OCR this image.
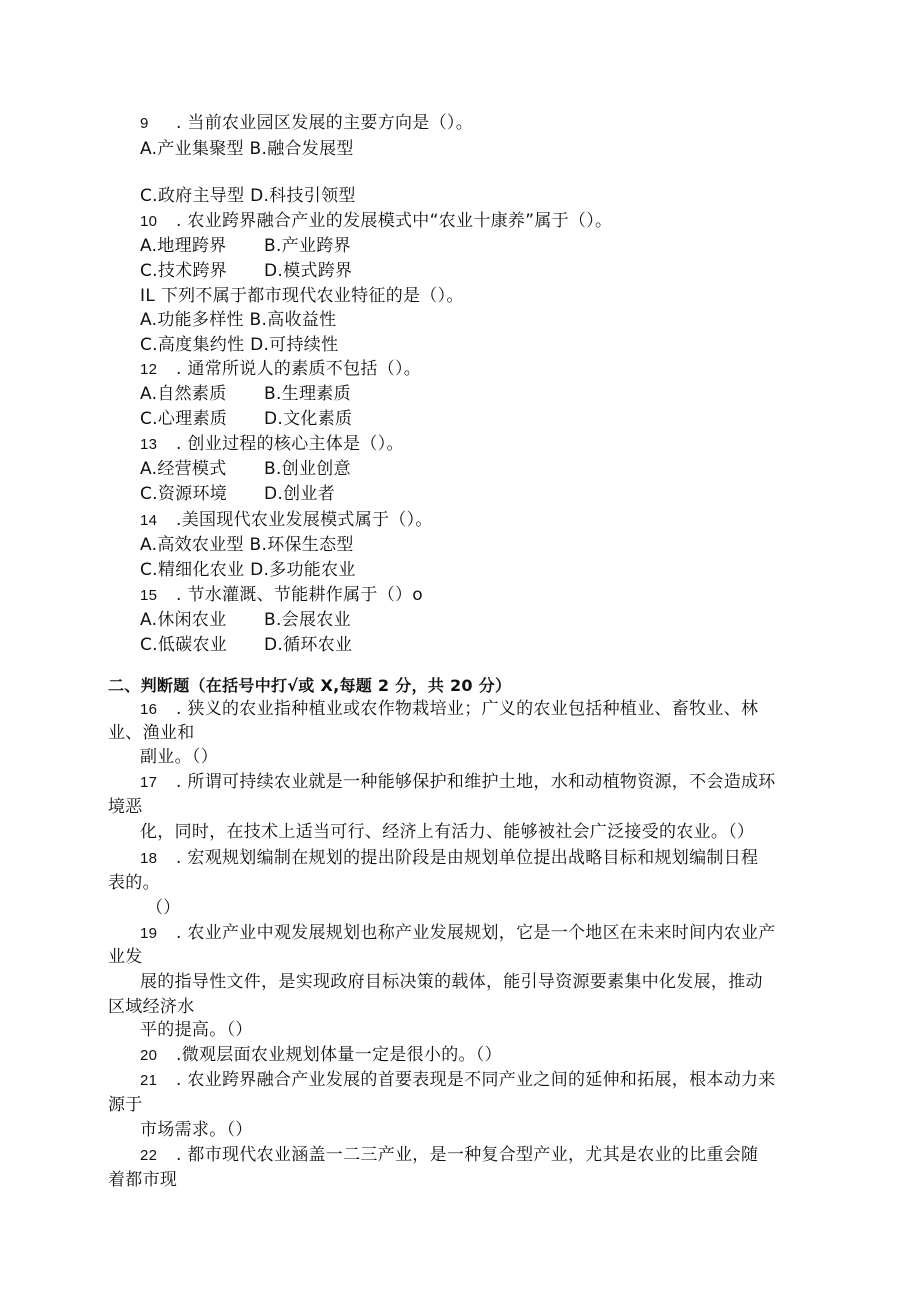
9 . 当前农业园区发展的主要方向是（）。
A.产业集聚型 B.融合发展型
C.政府主导型 D.科技引领型
10 . 农业跨界融合产业的发展模式中“农业十康养”属于（）。
A.地理跨界 B.产业跨界
C.技术跨界 D.模式跨界
IL 下列不属于都市现代农业特征的是（）。
A.功能多样性 B.高收益性
C.高度集约性 D.可持续性
12 . 通常所说人的素质不包括（）。
A.自然素质 B.生理素质
C.心理素质 D.文化素质
13 . 创业过程的核心主体是（）。
A.经营模式 B.创业创意
C.资源环境 D.创业者
14 .美国现代农业发展模式属于（）。
A.高效农业型 B.环保生态型
C.精细化农业 D.多功能农业
15 . 节水灌溉、节能耕作属于（）o
A.休闲农业 B.会展农业
C.低碳农业 D.循环农业
二、判断题（在括号中打√或 X,每题 2 分，共 20 分）
16 . 狭义的农业指种植业或农作物栽培业；广义的农业包括种植业、畜牧业、林
业、渔业和
副业。（）
17 . 所谓可持续农业就是一种能够保护和维护土地，水和动植物资源，不会造成环
境恶
化，同时，在技术上适当可行、经济上有活力、能够被社会广泛接受的农业。（）
18 . 宏观规划编制在规划的提出阶段是由规划单位提出战略目标和规划编制日程
表的。
（）
19 . 农业产业中观发展规划也称产业发展规划，它是一个地区在未来时间内农业产
业发
展的指导性文件，是实现政府目标决策的载体，能引导资源要素集中化发展，推动
区域经济水
平的提高。（）
20 .微观层面农业规划体量一定是很小的。（）
21 . 农业跨界融合产业发展的首要表现是不同产业之间的延伸和拓展，根本动力来
源于
市场需求。（）
22 . 都市现代农业涵盖一二三产业，是一种复合型产业，尤其是农业的比重会随
着都市现
